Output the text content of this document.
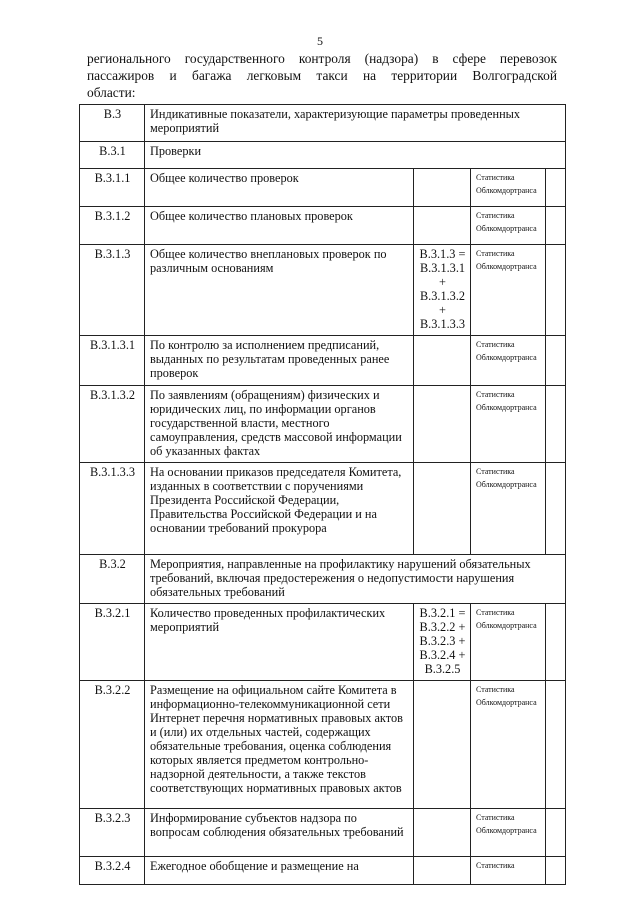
5
регионального государственного контроля (надзора) в сфере перевозок
пассажиров и багажа легковым такси на территории Волгоградской
области:
В.3	Индикативные показатели, характеризующие параметры проведенных мероприятий			
В.3.1	Проверки			
В.3.1.1	Общее количество проверок		Статистика Облкомдортранса	
В.3.1.2	Общее количество плановых проверок		Статистика Облкомдортранса	
В.3.1.3	Общее количество внеплановых проверок по различным основаниям	В.3.1.3 = В.3.1.3.1 + В.3.1.3.2 + В.3.1.3.3	Статистика Облкомдортранса	
В.3.1.3.1	По контролю за исполнением предписаний, выданных по результатам проведенных ранее проверок		Статистика Облкомдортранса	
В.3.1.3.2	По заявлениям (обращениям) физических и юридических лиц, по информации органов государственной власти, местного самоуправления, средств массовой информации об указанных фактах		Статистика Облкомдортранса	
В.3.1.3.3	На основании приказов председателя Комитета, изданных в соответствии с поручениями Президента Российской Федерации, Правительства Российской Федерации и на основании требований прокурора		Статистика Облкомдортранса	
В.3.2	Мероприятия, направленные на профилактику нарушений обязательных требований, включая предостережения о недопустимости нарушения обязательных требований			
В.3.2.1	Количество проведенных профилактических мероприятий	В.3.2.1 = В.3.2.2 + В.3.2.3 + В.3.2.4 + В.3.2.5	Статистика Облкомдортранса	
В.3.2.2	Размещение на официальном сайте Комитета в информационно-телекоммуникационной сети Интернет перечня нормативных правовых актов и (или) их отдельных частей, содержащих обязательные требования, оценка соблюдения которых является предметом контрольно-надзорной деятельности, а также текстов соответствующих нормативных правовых актов		Статистика Облкомдортранса	
В.3.2.3	Информирование субъектов надзора по вопросам соблюдения обязательных требований		Статистика Облкомдортранса	
В.3.2.4	Ежегодное обобщение и размещение на		Статистика	
